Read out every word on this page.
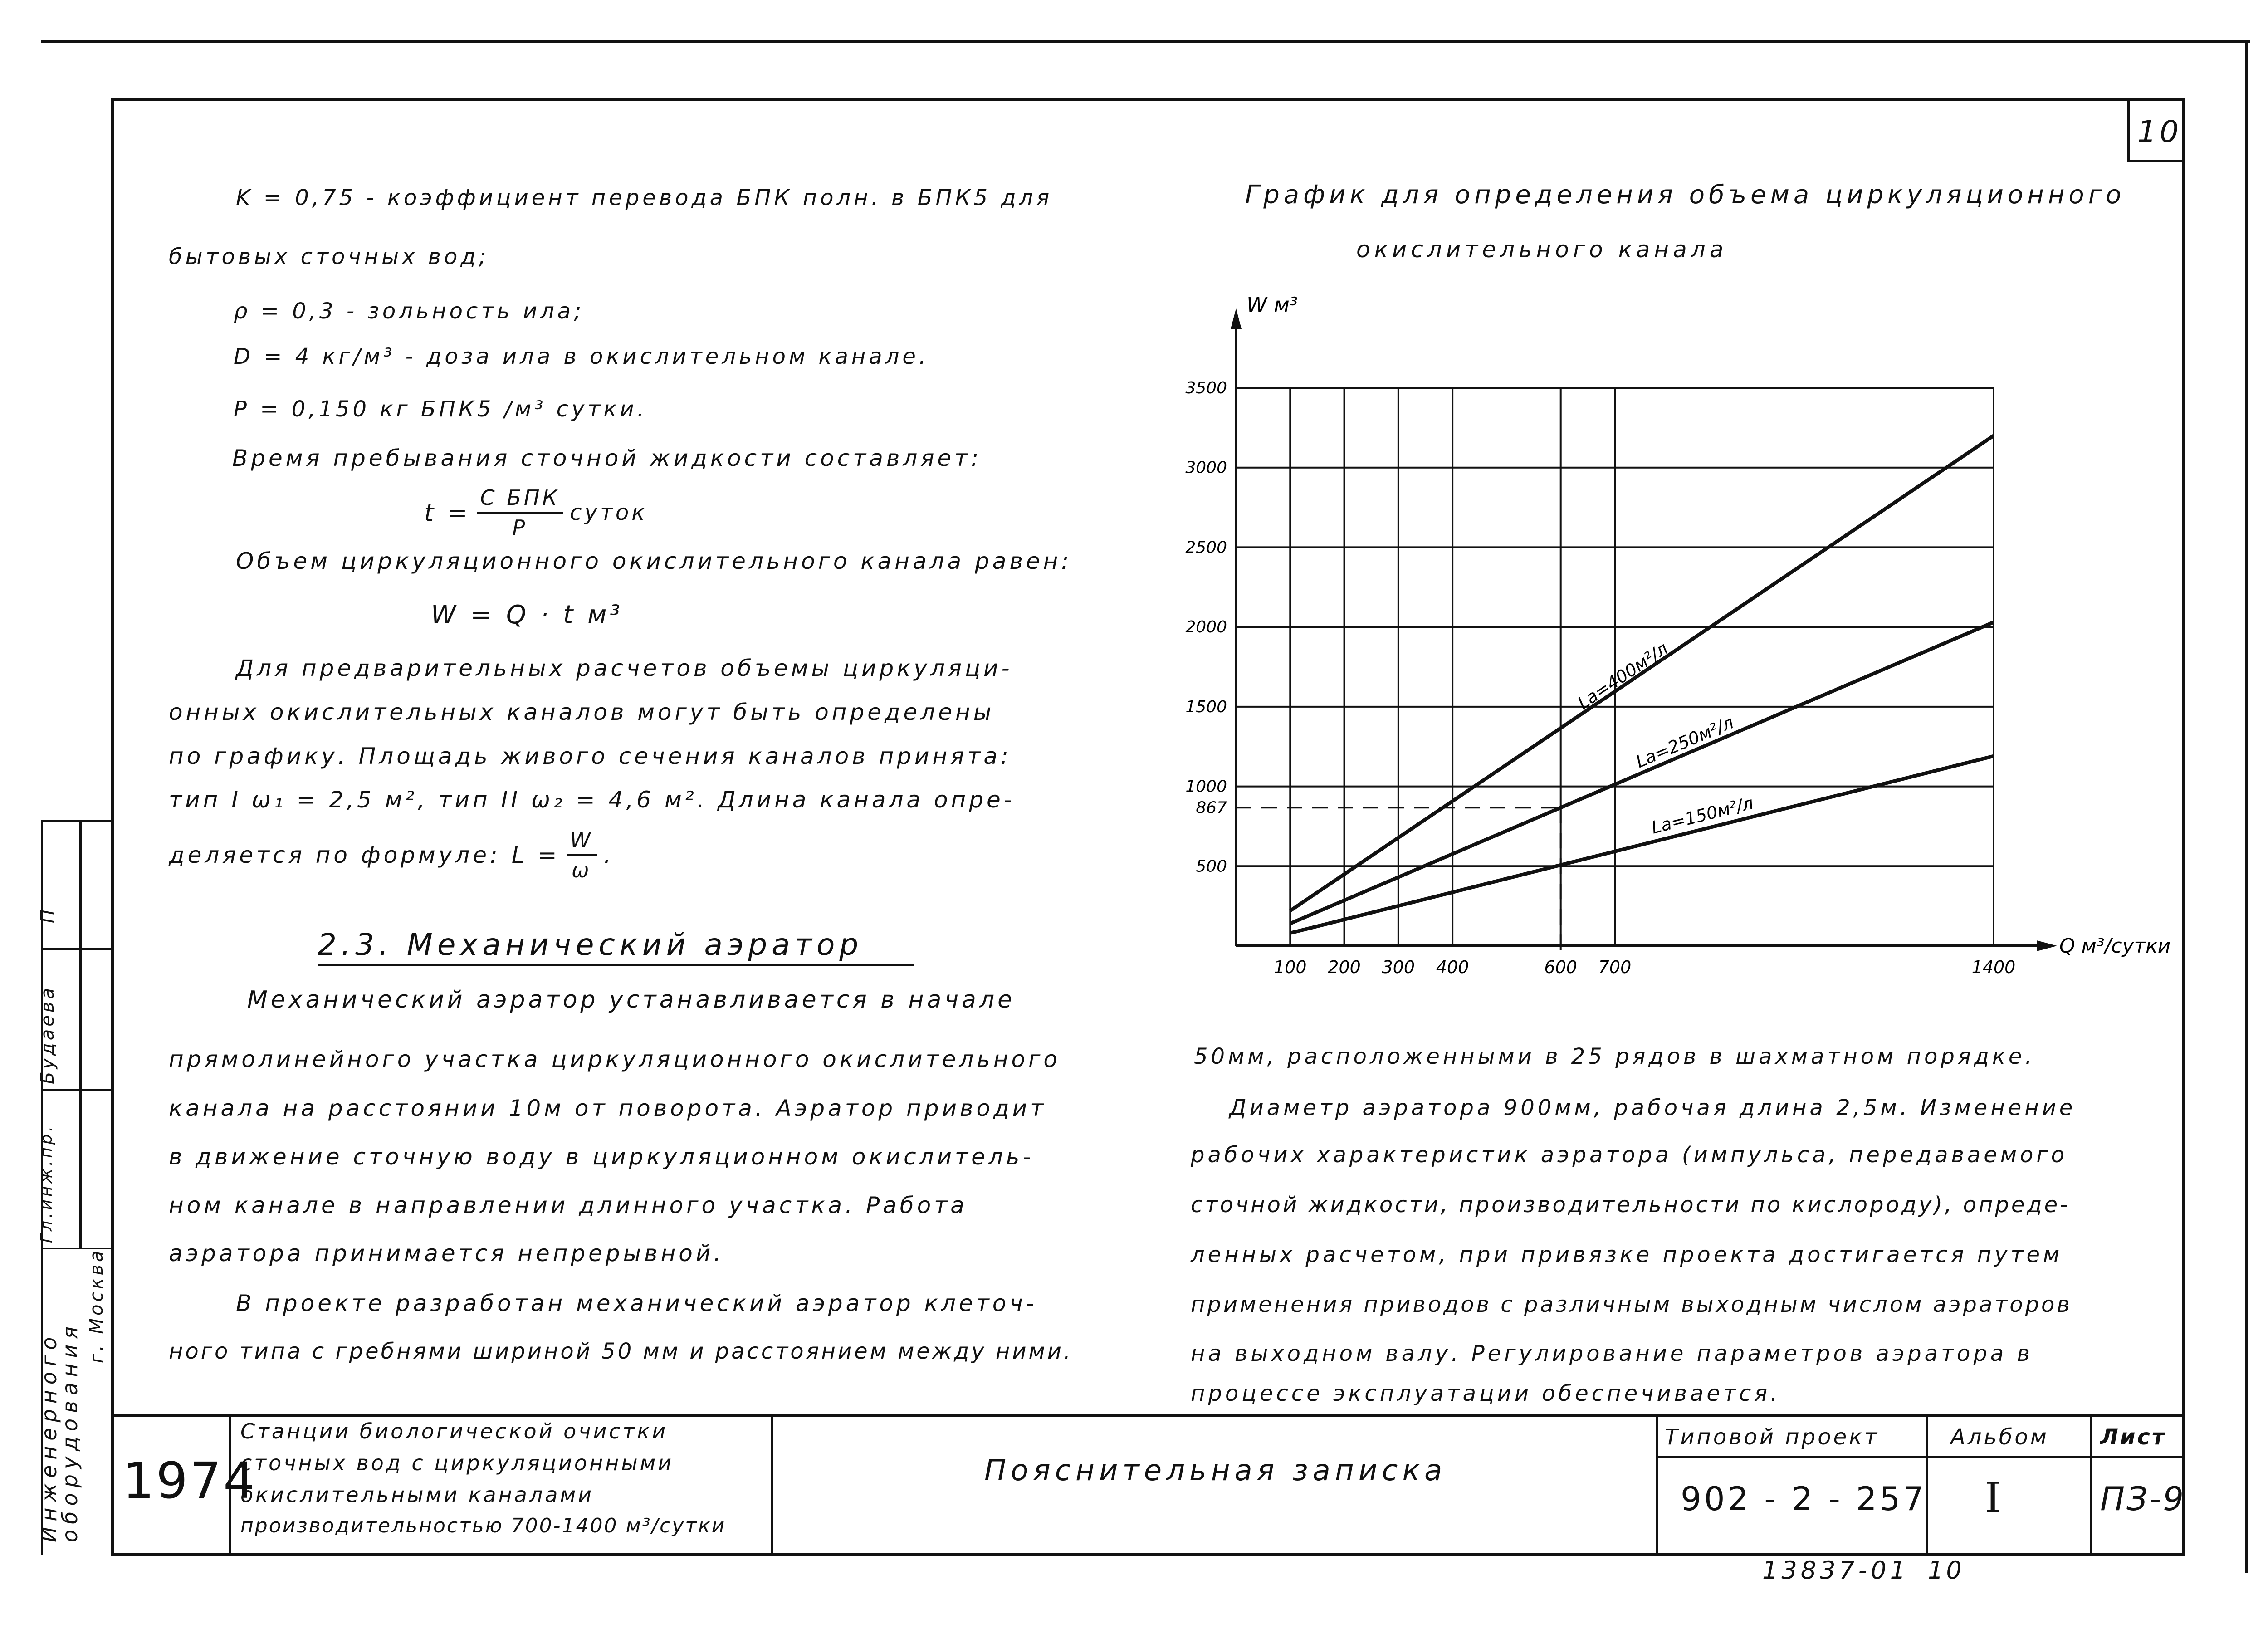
10
K = 0,75 - коэффициент перевода БПК полн. в БПК5 для
бытовых сточных вод;
ρ = 0,3 - зольность ила;
D = 4 кг/м³ - доза ила в окислительном канале.
P = 0,150 кг БПК5 /м³ сутки.
Время пребывания сточной жидкости составляет:
$t = \frac{\text{C БПК}}{P}$ суток
Объем циркуляционного окислительного канала равен:
W = Q · t м³
Для предварительных расчетов объемы циркуляци-
онных окислительных каналов могут быть определены
по графику. Площадь живого сечения каналов принята:
тип I ω₁ = 2,5 м², тип II ω₂ = 4,6 м². Длина канала опре-
деляется по формуле: $L = \frac{W}{\omega}$ .
2.3. Механический аэратор
Механический аэратор устанавливается в начале
прямолинейного участка циркуляционного окислительного
канала на расстоянии 10м от поворота. Аэратор приводит
в движение сточную воду в циркуляционном окислитель-
ном канале в направлении длинного участка. Работа
аэратора принимается непрерывной.
В проекте разработан механический аэратор клеточ-
ного типа с гребнями шириной 50 мм и расстоянием между ними.
50мм, расположенными в 25 рядов в шахматном порядке.
Диаметр аэратора 900мм, рабочая длина 2,5м. Изменение
рабочих характеристик аэратора (импульса, передаваемого
сточной жидкости, производительности по кислороду), опреде-
ленных расчетом, при привязке проекта достигается путем
применения приводов с различным выходным числом аэраторов
на выходном валу. Регулирование параметров аэратора в
процессе эксплуатации обеспечивается.
График для определения объема циркуляционного
окислительного канала
W м³
Q м³/сутки
500
867
1000
1500
2000
2500
3000
3500
100 200 300 400	600 700	1400
La=400м²/л
La=250м²/л
La=150м²/л
П
Будаева
Гл.инж.пр.
Инженерного оборудования
г. Москва
1974
Станции биологической очистки
сточных вод с циркуляционными
окислительными каналами
производительностью 700-1400 м³/сутки
Пояснительная записка
Типовой проект
902 - 2 - 257
Альбом
I
Лист
ПЗ-9
13837-01 10
